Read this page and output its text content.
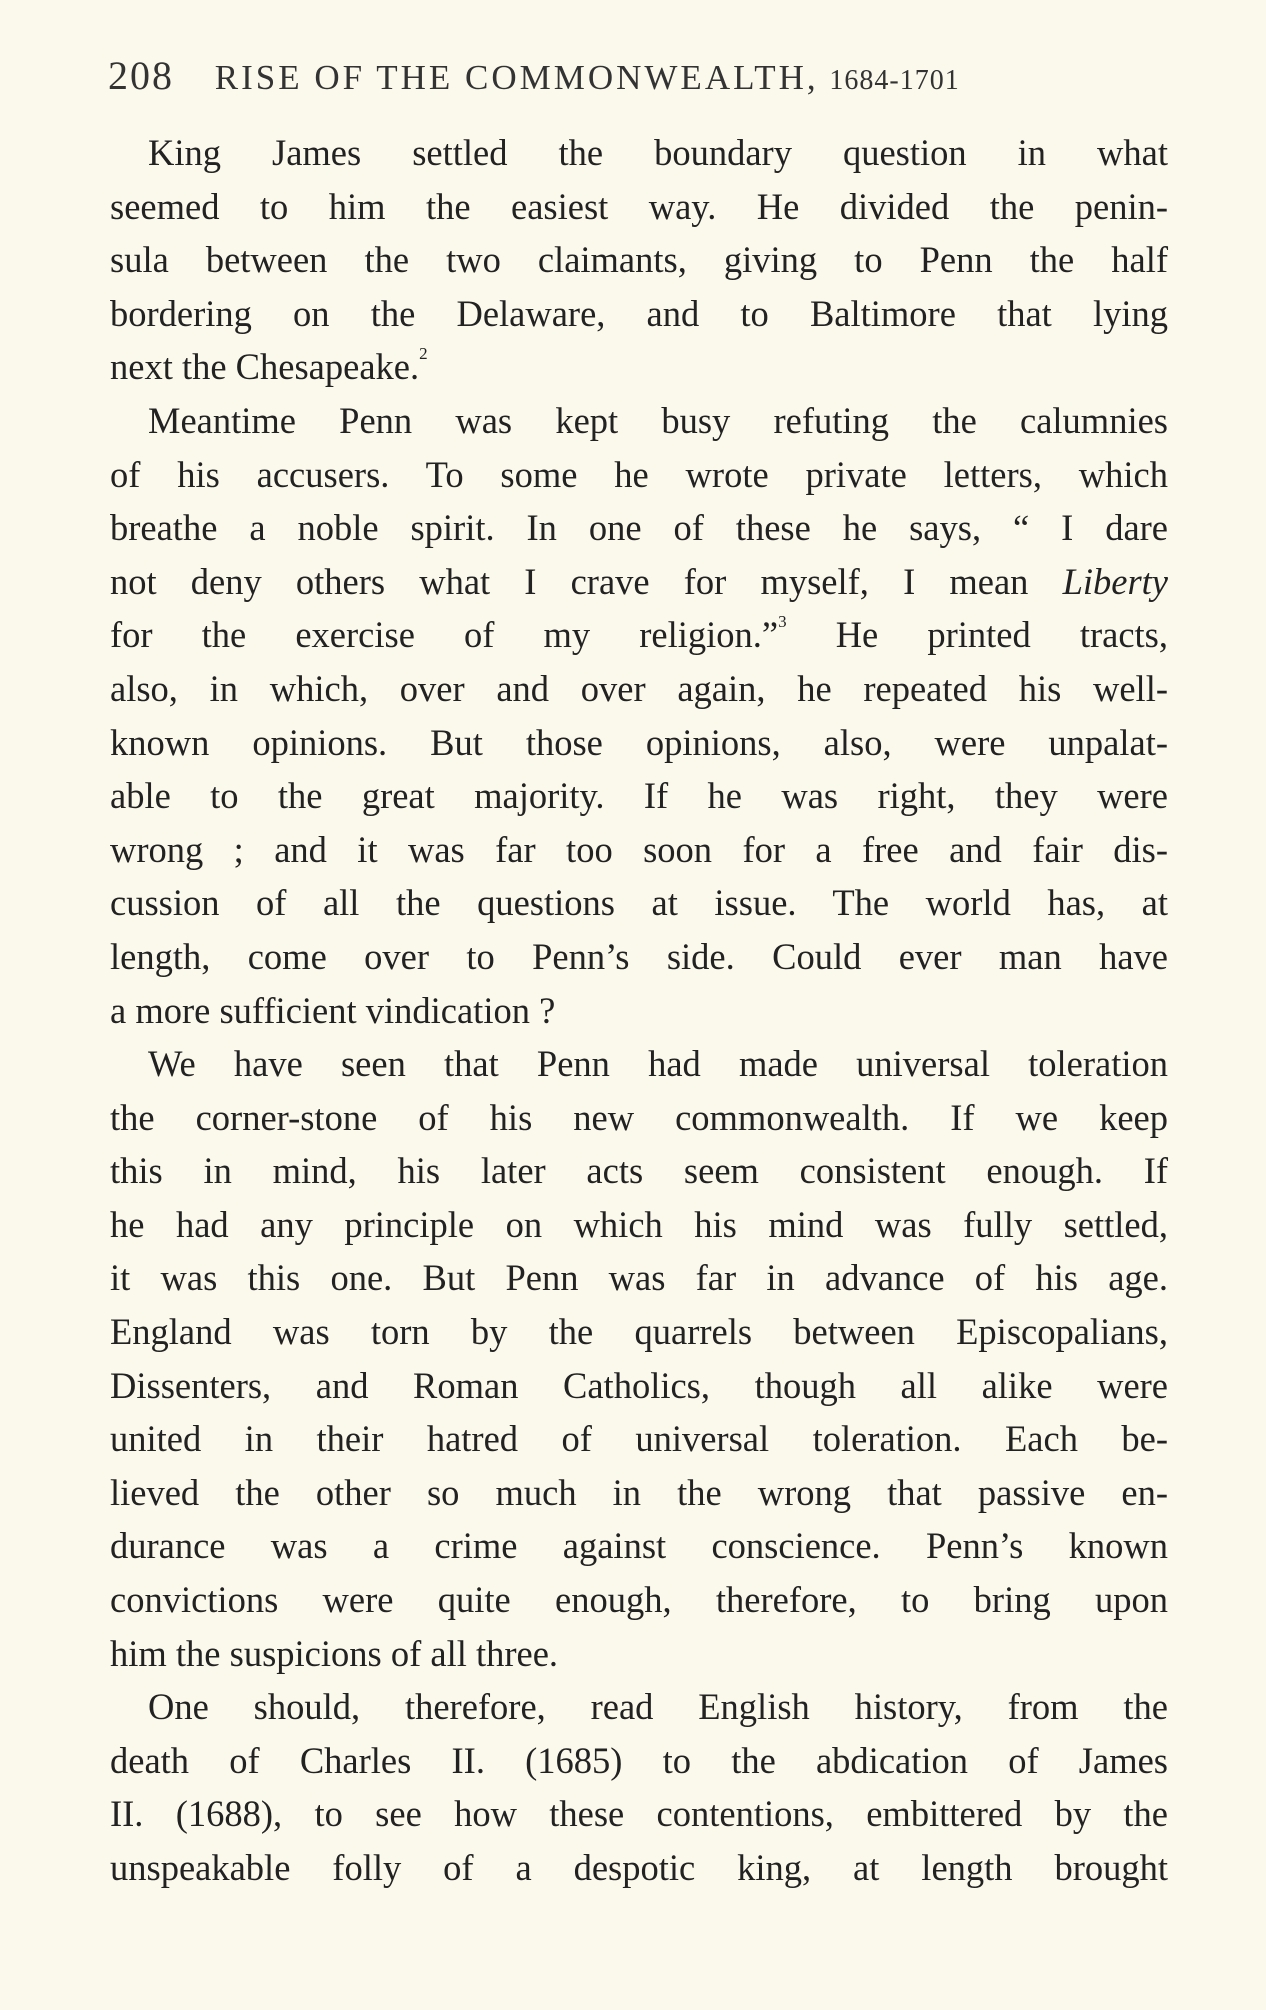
208 RISE OF THE COMMONWEALTH, 1684-1701
King James settled the boundary question in what
seemed to him the easiest way. He divided the penin-
sula between the two claimants, giving to Penn the half
bordering on the Delaware, and to Baltimore that lying
next the Chesapeake.$^2$
Meantime Penn was kept busy refuting the calumnies
of his accusers. To some he wrote private letters, which
breathe a noble spirit. In one of these he says, “ I dare
not deny others what I crave for myself, I mean Liberty
for the exercise of my religion.”$^3$ He printed tracts,
also, in which, over and over again, he repeated his well-
known opinions. But those opinions, also, were unpalat-
able to the great majority. If he was right, they were
wrong ; and it was far too soon for a free and fair dis-
cussion of all the questions at issue. The world has, at
length, come over to Penn’s side. Could ever man have
a more sufficient vindication ?
We have seen that Penn had made universal toleration
the corner-stone of his new commonwealth. If we keep
this in mind, his later acts seem consistent enough. If
he had any principle on which his mind was fully settled,
it was this one. But Penn was far in advance of his age.
England was torn by the quarrels between Episcopalians,
Dissenters, and Roman Catholics, though all alike were
united in their hatred of universal toleration. Each be-
lieved the other so much in the wrong that passive en-
durance was a crime against conscience. Penn’s known
convictions were quite enough, therefore, to bring upon
him the suspicions of all three.
One should, therefore, read English history, from the
death of Charles II. (1685) to the abdication of James
II. (1688), to see how these contentions, embittered by the
unspeakable folly of a despotic king, at length brought
